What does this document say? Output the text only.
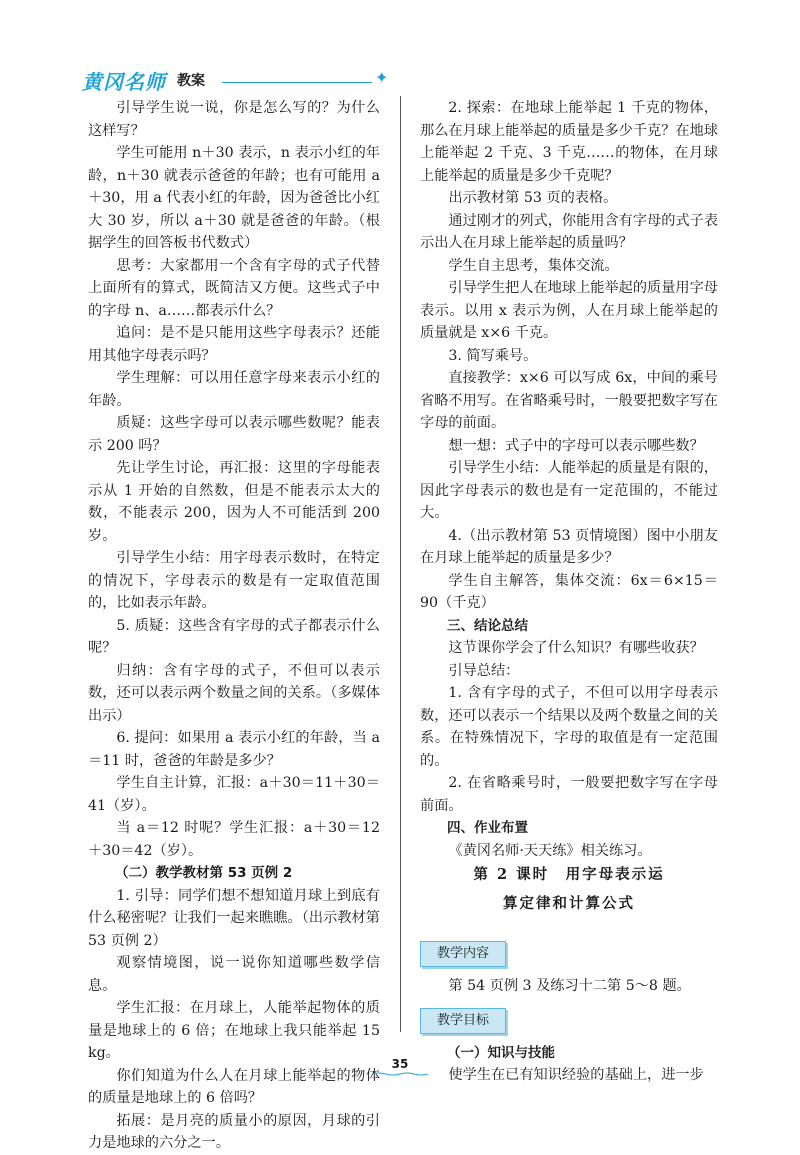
黄冈名师 教案	✦

引导学生说一说，你是怎么写的？为什么这样写？

学生可能用 n＋30 表示，n 表示小红的年龄，n＋30 就表示爸爸的年龄；也有可能用 a＋30，用 a 代表小红的年龄，因为爸爸比小红大 30 岁，所以 a＋30 就是爸爸的年龄。（根据学生的回答板书代数式）

思考：大家都用一个含有字母的式子代替上面所有的算式，既简洁又方便。这些式子中的字母 n、a……都表示什么？

追问：是不是只能用这些字母表示？还能用其他字母表示吗？

学生理解：可以用任意字母来表示小红的年龄。

质疑：这些字母可以表示哪些数呢？能表示 200 吗？

先让学生讨论，再汇报：这里的字母能表示从 1 开始的自然数，但是不能表示太大的数，不能表示 200，因为人不可能活到 200 岁。

引导学生小结：用字母表示数时，在特定的情况下，字母表示的数是有一定取值范围的，比如表示年龄。

5. 质疑：这些含有字母的式子都表示什么呢？

归纳：含有字母的式子，不但可以表示数，还可以表示两个数量之间的关系。（多媒体出示）

6. 提问：如果用 a 表示小红的年龄，当 a＝11 时，爸爸的年龄是多少？

学生自主计算，汇报：a＋30＝11＋30＝41（岁）。

当 a＝12 时呢？学生汇报：a＋30＝12＋30＝42（岁）。

（二）教学教材第 53 页例 2

1. 引导：同学们想不想知道月球上到底有什么秘密呢？让我们一起来瞧瞧。（出示教材第 53 页例 2）

观察情境图，说一说你知道哪些数学信息。

学生汇报：在月球上，人能举起物体的质量是地球上的 6 倍；在地球上我只能举起 15 kg。

你们知道为什么人在月球上能举起的物体的质量是地球上的 6 倍吗？

拓展：是月亮的质量小的原因，月球的引力是地球的六分之一。

2. 探索：在地球上能举起 1 千克的物体，那么在月球上能举起的质量是多少千克？在地球上能举起 2 千克、3 千克……的物体，在月球上能举起的质量是多少千克呢？

出示教材第 53 页的表格。

通过刚才的列式，你能用含有字母的式子表示出人在月球上能举起的质量吗？

学生自主思考，集体交流。

引导学生把人在地球上能举起的质量用字母表示。以用 x 表示为例，人在月球上能举起的质量就是 x×6 千克。

3. 简写乘号。

直接教学：x×6 可以写成 6x，中间的乘号省略不用写。在省略乘号时，一般要把数字写在字母的前面。

想一想：式子中的字母可以表示哪些数？

引导学生小结：人能举起的质量是有限的，因此字母表示的数也是有一定范围的，不能过大。

4.（出示教材第 53 页情境图）图中小朋友在月球上能举起的质量是多少？

学生自主解答，集体交流：6x＝6×15＝90（千克）

三、结论总结

这节课你学会了什么知识？有哪些收获？

引导总结：

1. 含有字母的式子，不但可以用字母表示数，还可以表示一个结果以及两个数量之间的关系。在特殊情况下，字母的取值是有一定范围的。

2. 在省略乘号时，一般要把数字写在字母前面。

四、作业布置

《黄冈名师·天天练》相关练习。

第 2 课时　用字母表示运

算定律和计算公式

教学内容

第 54 页例 3 及练习十二第 5～8 题。

教学目标

（一）知识与技能

使学生在已有知识经验的基础上，进一步

35
